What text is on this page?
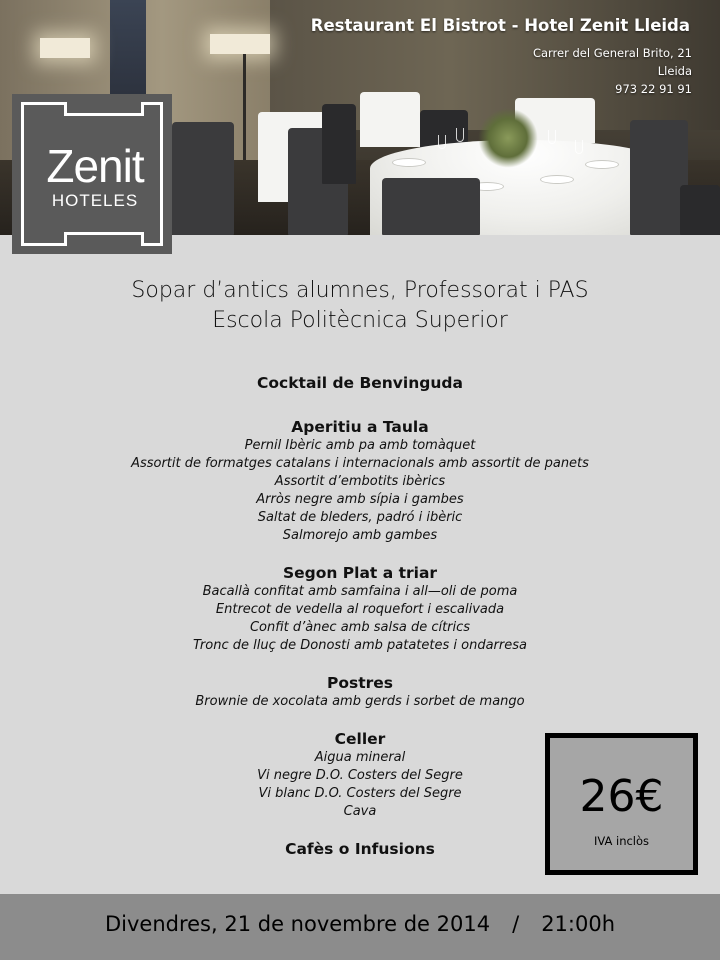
Restaurant El Bistrot - Hotel Zenit Lleida
Carrer del General Brito, 21
Lleida
973 22 91 91
Zenit
HOTELES
Sopar d’antics alumnes, Professorat i PAS
Escola Politècnica Superior
Cocktail de Benvinguda
Aperitiu a Taula
Pernil Ibèric amb pa amb tomàquet
Assortit de formatges catalans i internacionals amb assortit de panets
Assortit d’embotits ibèrics
Arròs negre amb sípia i gambes
Saltat de bleders, padró i ibèric
Salmorejo amb gambes
Segon Plat a triar
Bacallà confitat amb samfaina i all—oli de poma
Entrecot de vedella al roquefort i escalivada
Confit d’ànec amb salsa de cítrics
Tronc de lluç de Donosti amb patatetes i ondarresa
Postres
Brownie de xocolata amb gerds i sorbet de mango
Celler
Aigua mineral
Vi negre D.O. Costers del Segre
Vi blanc D.O. Costers del Segre
Cava
Cafès o Infusions
26€
IVA inclòs
Divendres, 21 de novembre de 2014 / 21:00h
